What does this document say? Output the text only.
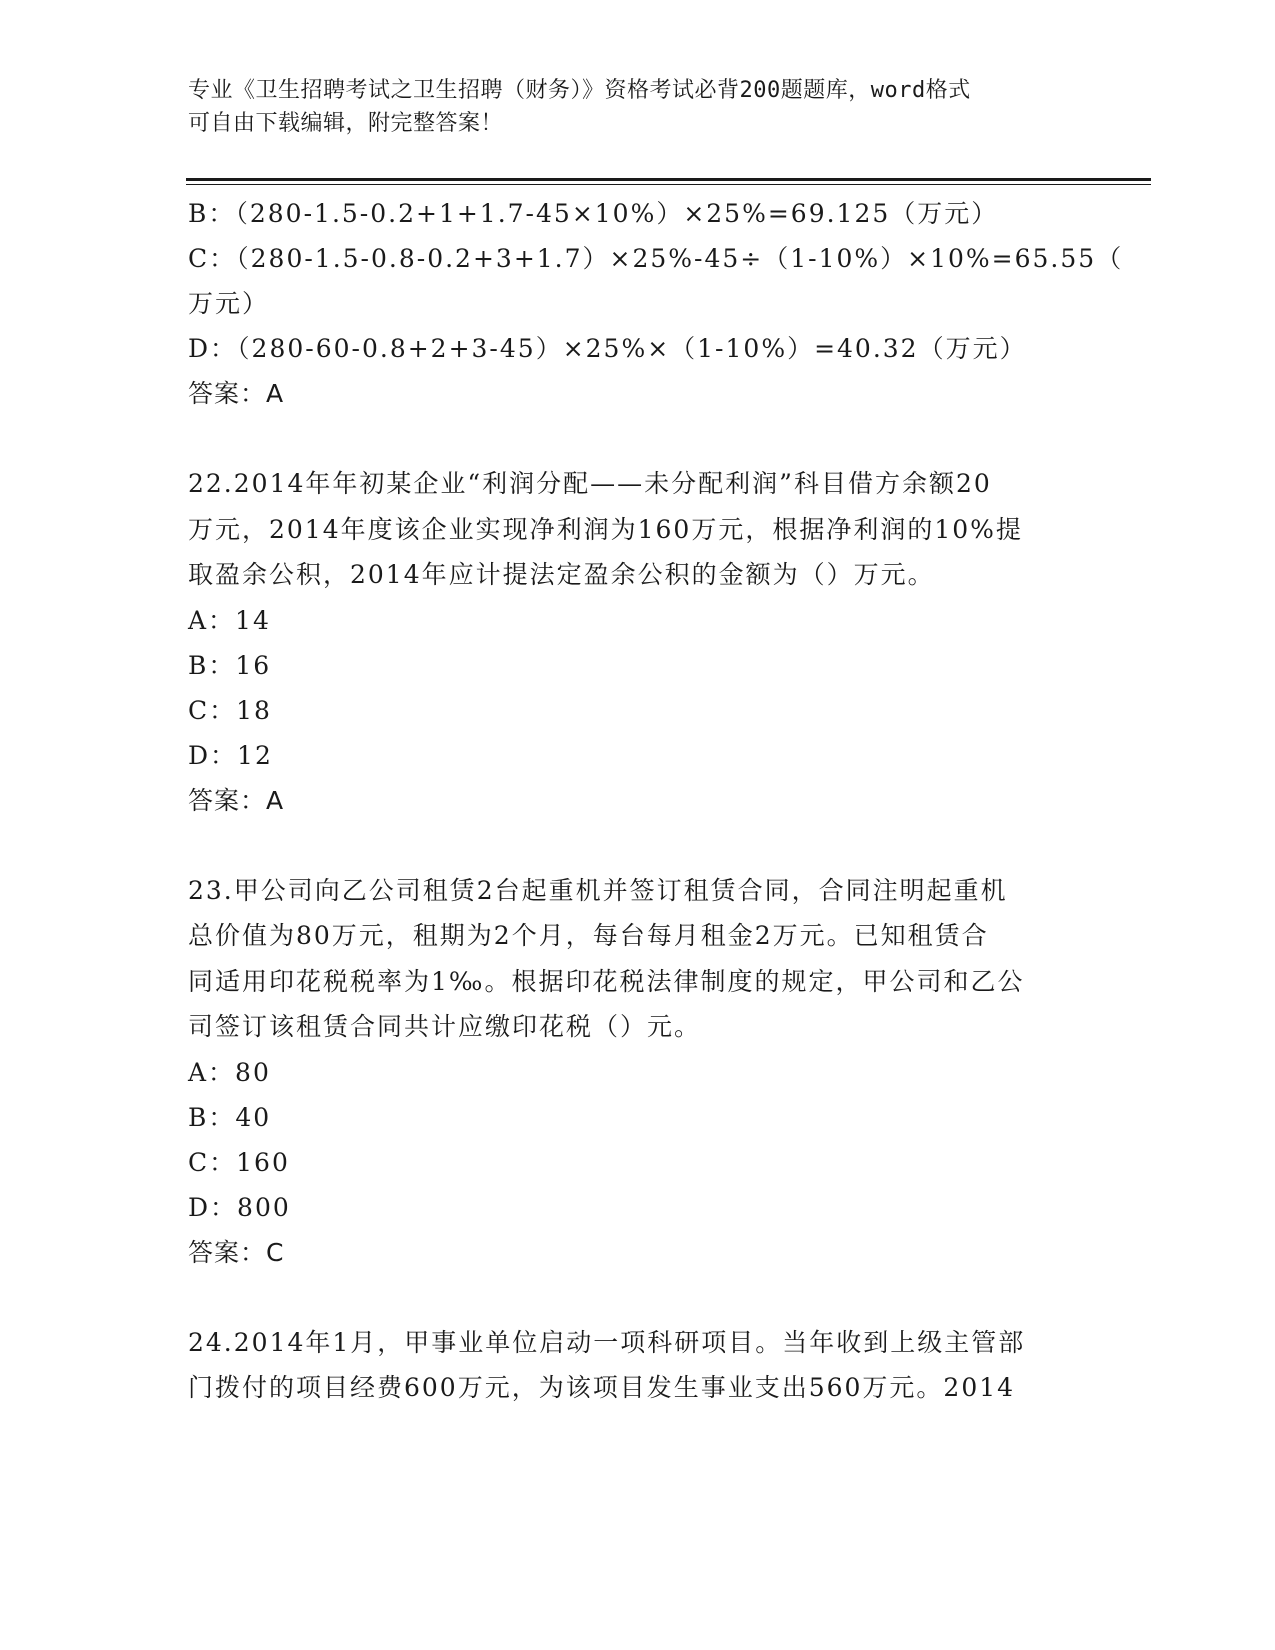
专业《卫生招聘考试之卫生招聘（财务）》资格考试必背200题题库，word格式
可自由下载编辑，附完整答案！
B：（280-1.5-0.2+1+1.7-45×10%）×25%=69.125（万元）
C：（280-1.5-0.8-0.2+3+1.7）×25%-45÷（1-10%）×10%=65.55（
万元）
D：（280-60-0.8+2+3-45）×25%×（1-10%）=40.32（万元）
答案：A
22.2014年年初某企业“利润分配——未分配利润”科目借方余额20
万元，2014年度该企业实现净利润为160万元，根据净利润的10%提
取盈余公积，2014年应计提法定盈余公积的金额为（）万元。
A：14
B：16
C：18
D：12
答案：A
23.甲公司向乙公司租赁2台起重机并签订租赁合同，合同注明起重机
总价值为80万元，租期为2个月，每台每月租金2万元。已知租赁合
同适用印花税税率为1‰。根据印花税法律制度的规定，甲公司和乙公
司签订该租赁合同共计应缴印花税（）元。
A：80
B：40
C：160
D：800
答案：C
24.2014年1月，甲事业单位启动一项科研项目。当年收到上级主管部
门拨付的项目经费600万元，为该项目发生事业支出560万元。2014
